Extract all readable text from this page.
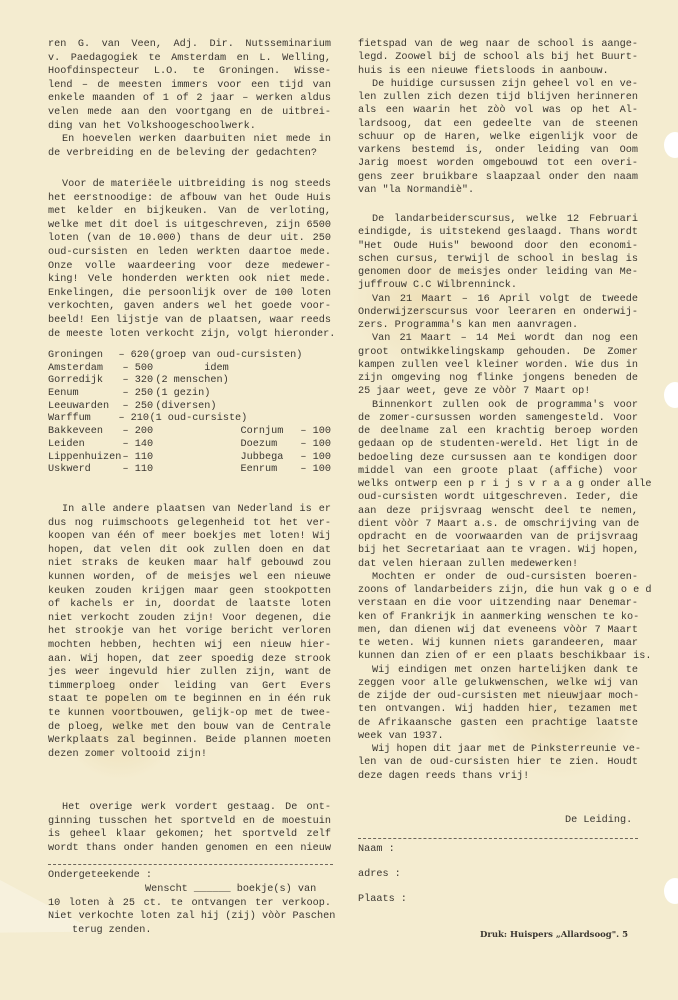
ren G. van Veen, Adj. Dir. Nutsseminarium
v. Paedagogiek te Amsterdam en L. Welling,
Hoofdinspecteur L.O. te Groningen. Wisse-
lend – de meesten immers voor een tijd van
enkele maanden of 1 of 2 jaar – werken aldus
velen mede aan den voortgang en de uitbrei-
ding van het Volkshoogeschoolwerk.
En hoevelen werken daarbuiten niet mede in
de verbreiding en de beleving der gedachten?
Voor de materiëele uitbreiding is nog steeds
het eerstnoodige: de afbouw van het Oude Huis
met kelder en bijkeuken. Van de verloting,
welke met dit doel is uitgeschreven, zijn 6500
loten (van de 10.000) thans de deur uit. 250
oud-cursisten en leden werkten daartoe mede.
Onze volle waardeering voor deze medewer-
king! Vele honderden werkten ook niet mede.
Enkelingen, die persoonlijk over de 100 loten
verkochten, gaven anders wel het goede voor-
beeld! Een lijstje van de plaatsen, waar reeds
de meeste loten verkocht zijn, volgt hieronder.
Groningen	– 620 (groep van oud-cursisten)
Amsterdam	– 500 idem
Gorredijk	– 320 (2 menschen)
Eenum	– 250 (1 gezin)
Leeuwarden	– 250 (diversen)
Warffum	– 210 (1 oud-cursiste)
Bakkeveen	– 200	Cornjum	– 100
Leiden	– 140	Doezum	– 100
Lippenhuizen – 110	Jubbega	– 100
Uskwerd	– 110	Eenrum	– 100
In alle andere plaatsen van Nederland is er
dus nog ruimschoots gelegenheid tot het ver-
koopen van één of meer boekjes met loten! Wij
hopen, dat velen dit ook zullen doen en dat
niet straks de keuken maar half gebouwd zou
kunnen worden, of de meisjes wel een nieuwe
keuken zouden krijgen maar geen stookpotten
of kachels er in, doordat de laatste loten
niet verkocht zouden zijn! Voor degenen, die
het strookje van het vorige bericht verloren
mochten hebben, hechten wij een nieuw hier-
aan. Wij hopen, dat zeer spoedig deze strook
jes weer ingevuld hier zullen zijn, want de
timmerploeg onder leiding van Gert Evers
staat te popelen om te beginnen en in één ruk
te kunnen voortbouwen, gelijk-op met de twee-
de ploeg, welke met den bouw van de Centrale
Werkplaats zal beginnen. Beide plannen moeten
dezen zomer voltooid zijn!
Het overige werk vordert gestaag. De ont-
ginning tusschen het sportveld en de moestuin
is geheel klaar gekomen; het sportveld zelf
wordt thans onder handen genomen en een nieuw
Ondergeteekende :
Wenscht ______ boekje(s) van
10 loten à 25 ct. te ontvangen ter verkoop.
Niet verkochte loten zal hij (zij) vòòr Paschen
terug zenden.
fietspad van de weg naar de school is aange-
legd. Zoowel bij de school als bij het Buurt-
huis is een nieuwe fietsloods in aanbouw.
De huidige cursussen zijn geheel vol en ve-
len zullen zich dezen tijd blijven herinneren
als een waarin het zòò vol was op het Al-
lardsoog, dat een gedeelte van de steenen
schuur op de Haren, welke eigenlijk voor de
varkens bestemd is, onder leiding van Oom
Jarig moest worden omgebouwd tot een overi-
gens zeer bruikbare slaapzaal onder den naam
van "la Normandiè".
De landarbeiderscursus, welke 12 Februari
eindigde, is uitstekend geslaagd. Thans wordt
"Het Oude Huis" bewoond door den economi-
schen cursus, terwijl de school in beslag is
genomen door de meisjes onder leiding van Me-
juffrouw C.C Wilbrenninck.
Van 21 Maart – 16 April volgt de tweede
Onderwijzerscursus voor leeraren en onderwij-
zers. Programma's kan men aanvragen.
Van 21 Maart – 14 Mei wordt dan nog een
groot ontwikkelingskamp gehouden. De Zomer
kampen zullen veel kleiner worden. Wie dus in
zijn omgeving nog flinke jongens beneden de
25 jaar weet, geve ze vòòr 7 Maart op!
Binnenkort zullen ook de programma's voor
de zomer-cursussen worden samengesteld. Voor
de deelname zal een krachtig beroep worden
gedaan op de studenten-wereld. Het ligt in de
bedoeling deze cursussen aan te kondigen door
middel van een groote plaat (affiche) voor
welks ontwerp een p r i j s v r a a g onder alle
oud-cursisten wordt uitgeschreven. Ieder, die
aan deze prijsvraag wenscht deel te nemen,
dient vòòr 7 Maart a.s. de omschrijving van de
opdracht en de voorwaarden van de prijsvraag
bij het Secretariaat aan te vragen. Wij hopen,
dat velen hieraan zullen medewerken!
Mochten er onder de oud-cursisten boeren-
zoons of landarbeiders zijn, die hun vak g o e d
verstaan en die voor uitzending naar Denemar-
ken of Frankrijk in aanmerking wenschen te ko-
men, dan dienen wij dat eveneens vòòr 7 Maart
te weten. Wij kunnen niets garandeeren, maar
kunnen dan zien of er een plaats beschikbaar is.
Wij eindigen met onzen hartelijken dank te
zeggen voor alle gelukwenschen, welke wij van
de zijde der oud-cursisten met nieuwjaar moch-
ten ontvangen. Wij hadden hier, tezamen met
de Afrikaansche gasten een prachtige laatste
week van 1937.
Wij hopen dit jaar met de Pinksterreunie ve-
len van de oud-cursisten hier te zien. Houdt
deze dagen reeds thans vrij!
De Leiding.
Naam :
adres :
Plaats :
Druk: Huispers „Allardsoog". 5
